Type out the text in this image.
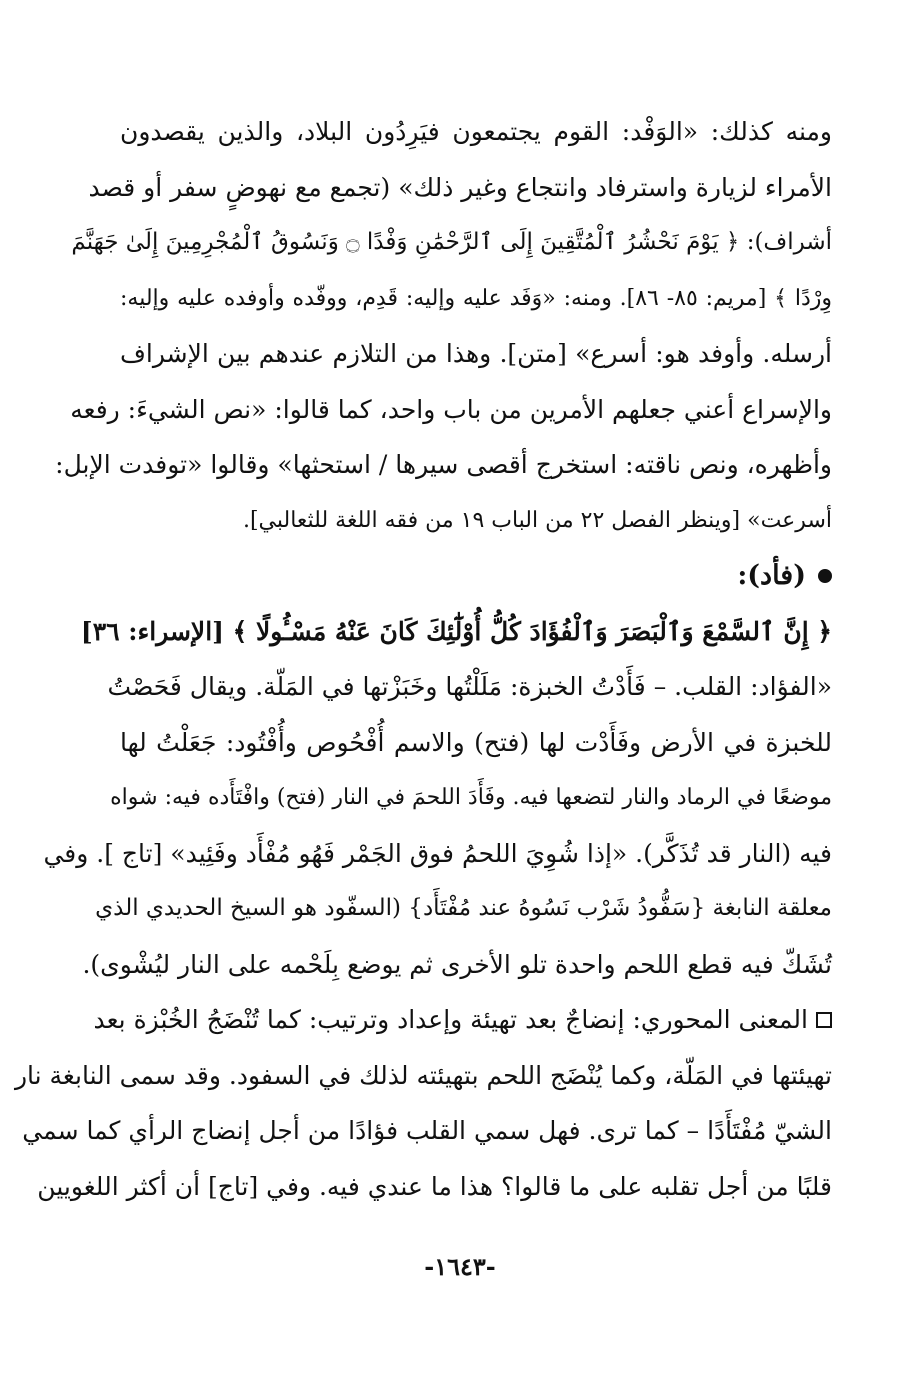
ومنه كذلك: «الوَفْد: القوم يجتمعون فيَرِدُون البلاد، والذين يقصدون
الأمراء لزيارة واسترفاد وانتجاع وغير ذلك» (تجمع مع نهوضٍ سفر أو قصد
أشراف): ﴿ يَوْمَ نَحْشُرُ ٱلْمُتَّقِينَ إِلَى ٱلرَّحْمَٰنِ وَفْدًا ۝ وَنَسُوقُ ٱلْمُجْرِمِينَ إِلَىٰ جَهَنَّمَ
وِرْدًا ﴾ [مريم: ٨٥- ٨٦]. ومنه: «وَفَد عليه وإليه: قَدِم، ووفّده وأوفده عليه وإليه:
أرسله. وأوفد هو: أسرع» [متن]. وهذا من التلازم عندهم بين الإشراف
والإسراع أعني جعلهم الأمرين من باب واحد، كما قالوا: «نص الشيءَ: رفعه
وأظهره، ونص ناقته: استخرج أقصى سيرها / استحثها» وقالوا «توفدت الإبل:
أسرعت» [وينظر الفصل ٢٢ من الباب ١٩ من فقه اللغة للثعالبي].
(فأد):
﴿ إِنَّ ٱلسَّمْعَ وَٱلْبَصَرَ وَٱلْفُؤَادَ كُلُّ أُوْلَٰٓئِكَ كَانَ عَنْهُ مَسْـُٔولًا ﴾ [الإسراء: ٣٦]
«الفؤاد: القلب. – فَأَدْتُ الخبزة: مَلَلْتُها وخَبَزْتها في المَلّة. ويقال فَحَصْتُ
للخبزة في الأرض وفَأَدْت لها (فتح) والاسم أُفْحُوص وأُفْتُود: جَعَلْتُ لها
موضعًا في الرماد والنار لتضعها فيه. وفَأَدَ اللحمَ في النار (فتح) وافْتَأَده فيه: شواه
فيه (النار قد تُذَكَّر). «إذا شُوِيَ اللحمُ فوق الجَمْر فَهُو مُفْأَد وفَئِيد» [تاج ]. وفي
معلقة النابغة {سَفُّودُ شَرْب نَسُوهُ عند مُفْتَأَد} (السفّود هو السيخ الحديدي الذي
تُشَكّ فيه قطع اللحم واحدة تلو الأخرى ثم يوضع بِلَحْمه على النار ليُشْوى).
المعنى المحوري: إنضاجٌ بعد تهيئة وإعداد وترتيب: كما تُنْضَجُ الخُبْزة بعد
تهيئتها في المَلّة، وكما يُنْضَج اللحم بتهيئته لذلك في السفود. وقد سمى النابغة نار
الشيّ مُفْتَأَدًا – كما ترى. فهل سمي القلب فؤادًا من أجل إنضاج الرأي كما سمي
قلبًا من أجل تقلبه على ما قالوا؟ هذا ما عندي فيه. وفي [تاج] أن أكثر اللغويين
-١٦٤٣-
